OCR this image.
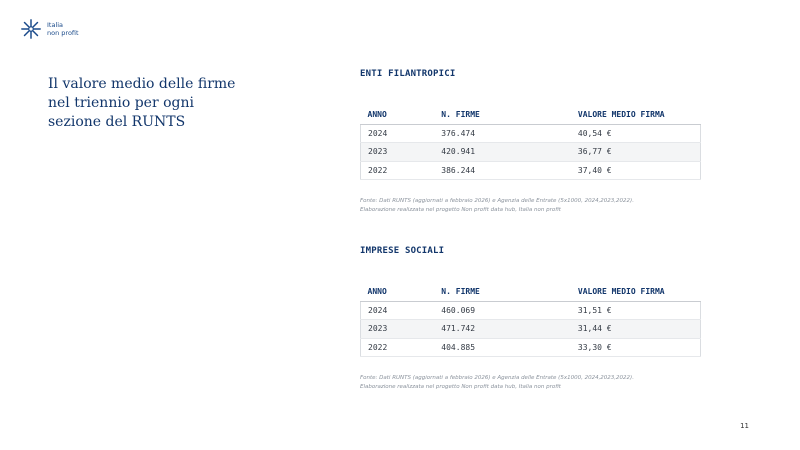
Italia
non profit
Il valore medio delle firme nel triennio per ogni sezione del RUNTS
ENTI FILANTROPICI
ANNO	N. FIRME	VALORE MEDIO FIRMA
2024	376.474	40,54 €
2023	420.941	36,77 €
2022	386.244	37,40 €
Fonte: Dati RUNTS (aggiornati a febbraio 2026) e Agenzia delle Entrate (5x1000, 2024,2023,2022).
Elaborazione realizzata nel progetto Non profit data hub, Italia non profit
IMPRESE SOCIALI
ANNO	N. FIRME	VALORE MEDIO FIRMA
2024	460.069	31,51 €
2023	471.742	31,44 €
2022	404.885	33,30 €
Fonte: Dati RUNTS (aggiornati a febbraio 2026) e Agenzia delle Entrate (5x1000, 2024,2023,2022).
Elaborazione realizzata nel progetto Non profit data hub, Italia non profit
11
